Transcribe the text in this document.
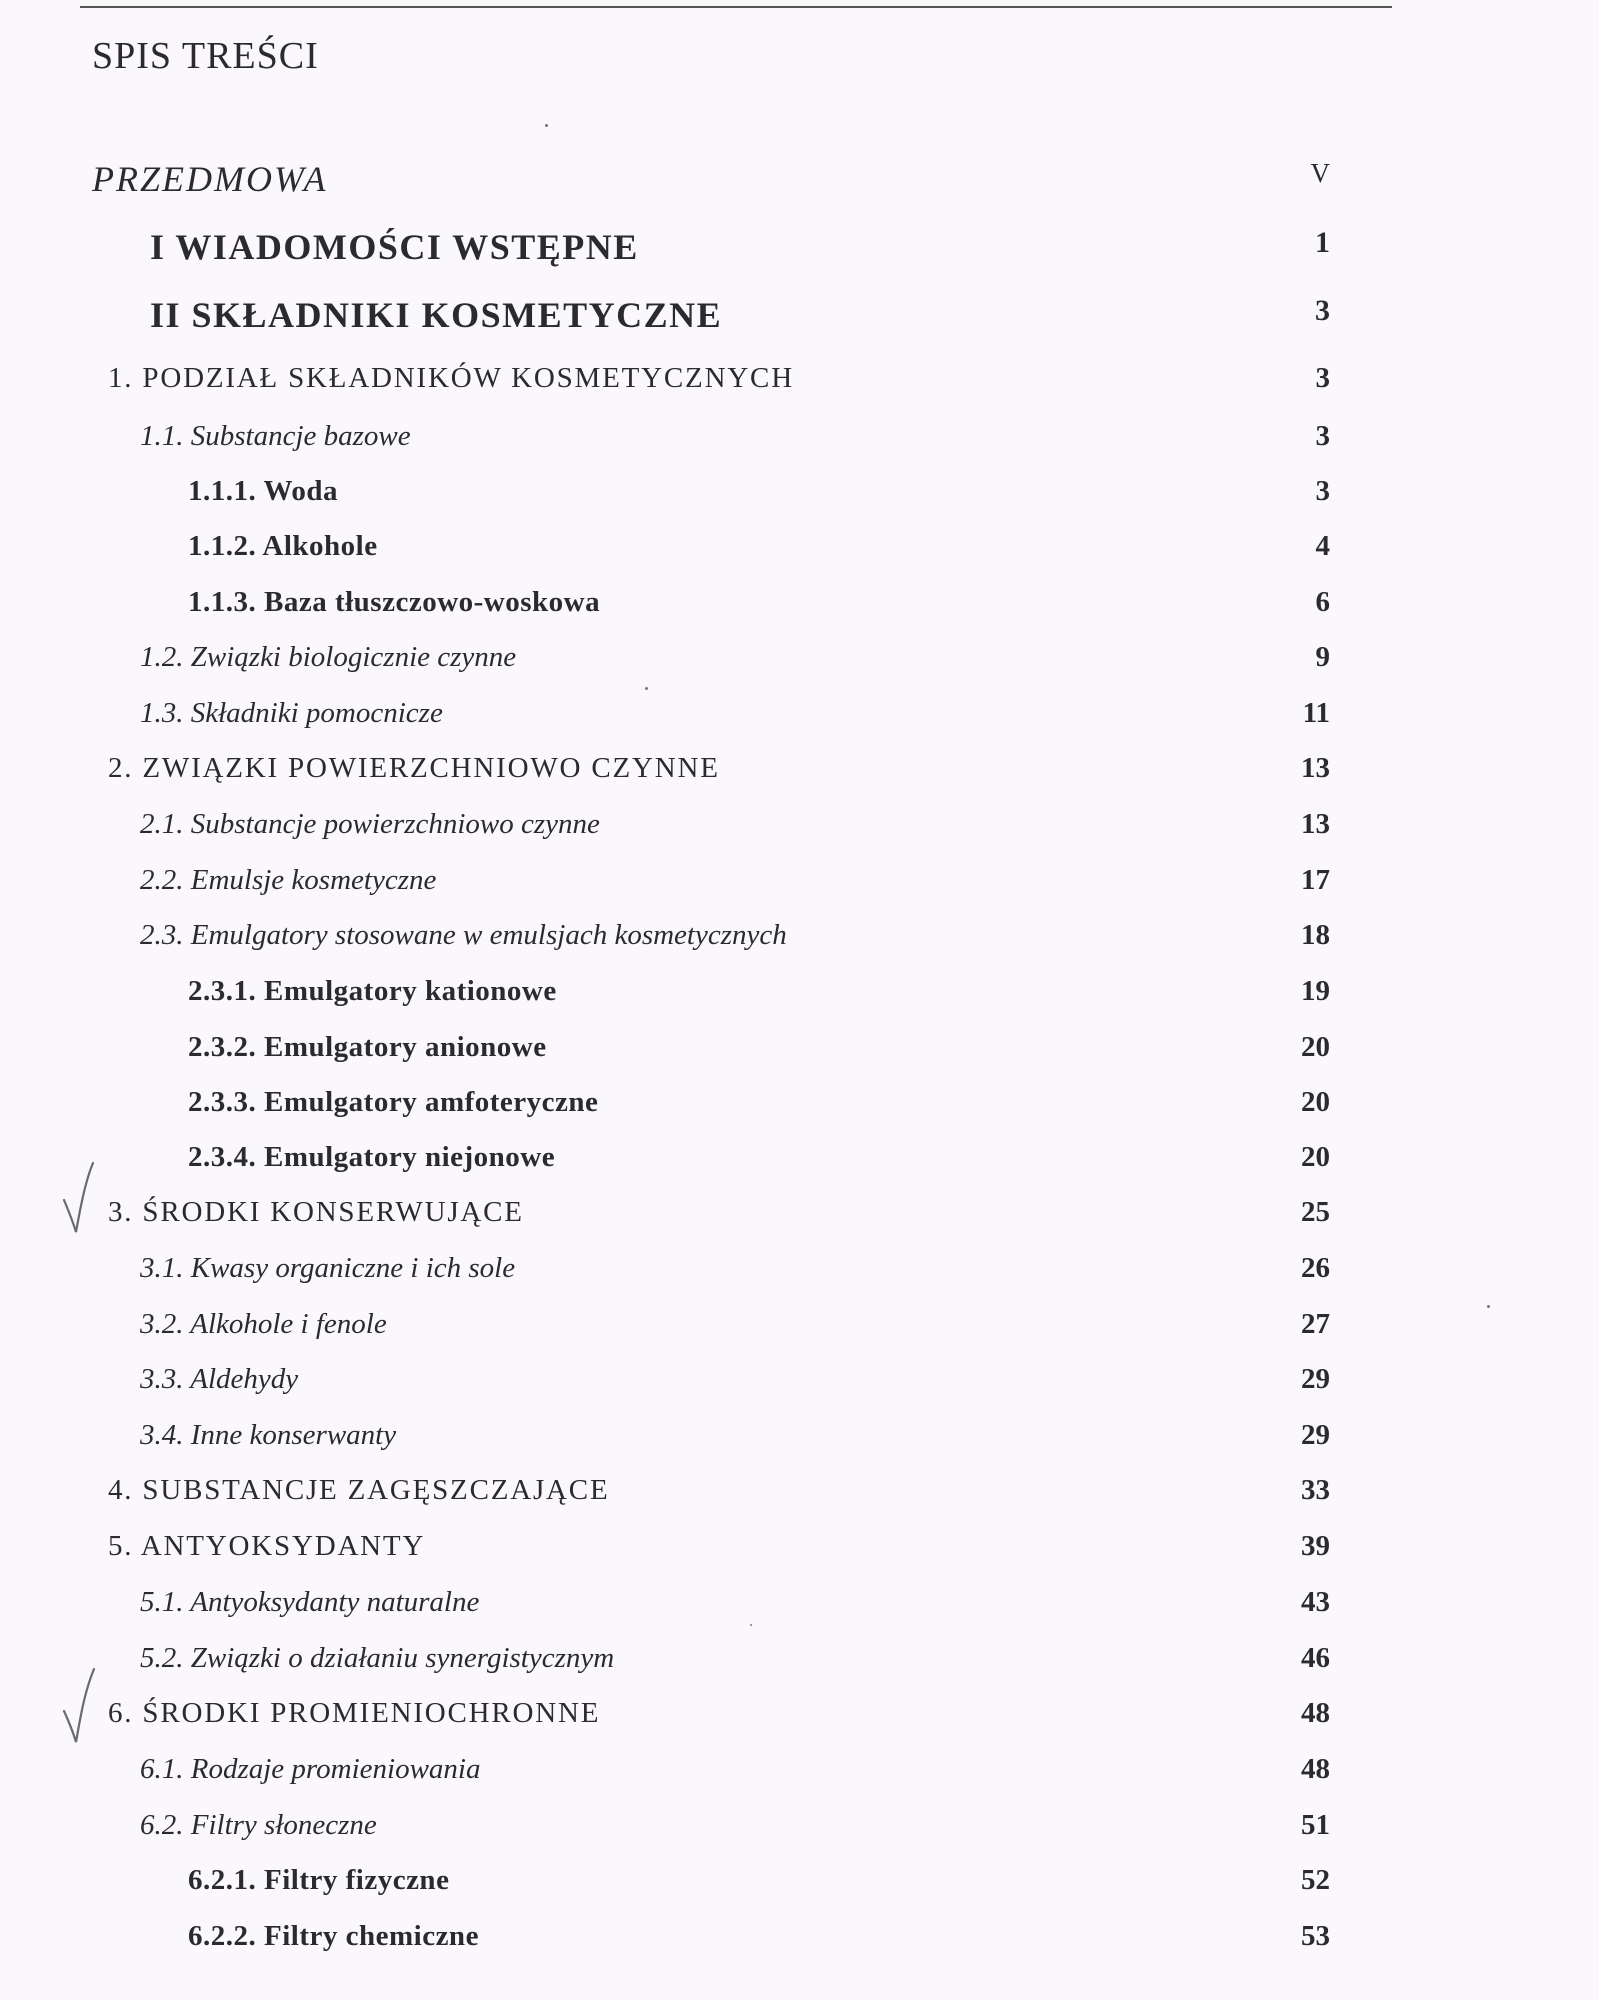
SPIS TREŚCI
PRZEDMOWA	V
I WIADOMOŚCI WSTĘPNE	1
II SKŁADNIKI KOSMETYCZNE	3
1. PODZIAŁ SKŁADNIKÓW KOSMETYCZNYCH	3
1.1. Substancje bazowe	3
1.1.1. Woda	3
1.1.2. Alkohole	4
1.1.3. Baza tłuszczowo-woskowa	6
1.2. Związki biologicznie czynne	9
1.3. Składniki pomocnicze	11
2. ZWIĄZKI POWIERZCHNIOWO CZYNNE	13
2.1. Substancje powierzchniowo czynne	13
2.2. Emulsje kosmetyczne	17
2.3. Emulgatory stosowane w emulsjach kosmetycznych	18
2.3.1. Emulgatory kationowe	19
2.3.2. Emulgatory anionowe	20
2.3.3. Emulgatory amfoteryczne	20
2.3.4. Emulgatory niejonowe	20
3. ŚRODKI KONSERWUJĄCE	25
3.1. Kwasy organiczne i ich sole	26
3.2. Alkohole i fenole	27
3.3. Aldehydy	29
3.4. Inne konserwanty	29
4. SUBSTANCJE ZAGĘSZCZAJĄCE	33
5. ANTYOKSYDANTY	39
5.1. Antyoksydanty naturalne	43
5.2. Związki o działaniu synergistycznym	46
6. ŚRODKI PROMIENIOCHRONNE	48
6.1. Rodzaje promieniowania	48
6.2. Filtry słoneczne	51
6.2.1. Filtry fizyczne	52
6.2.2. Filtry chemiczne	53
